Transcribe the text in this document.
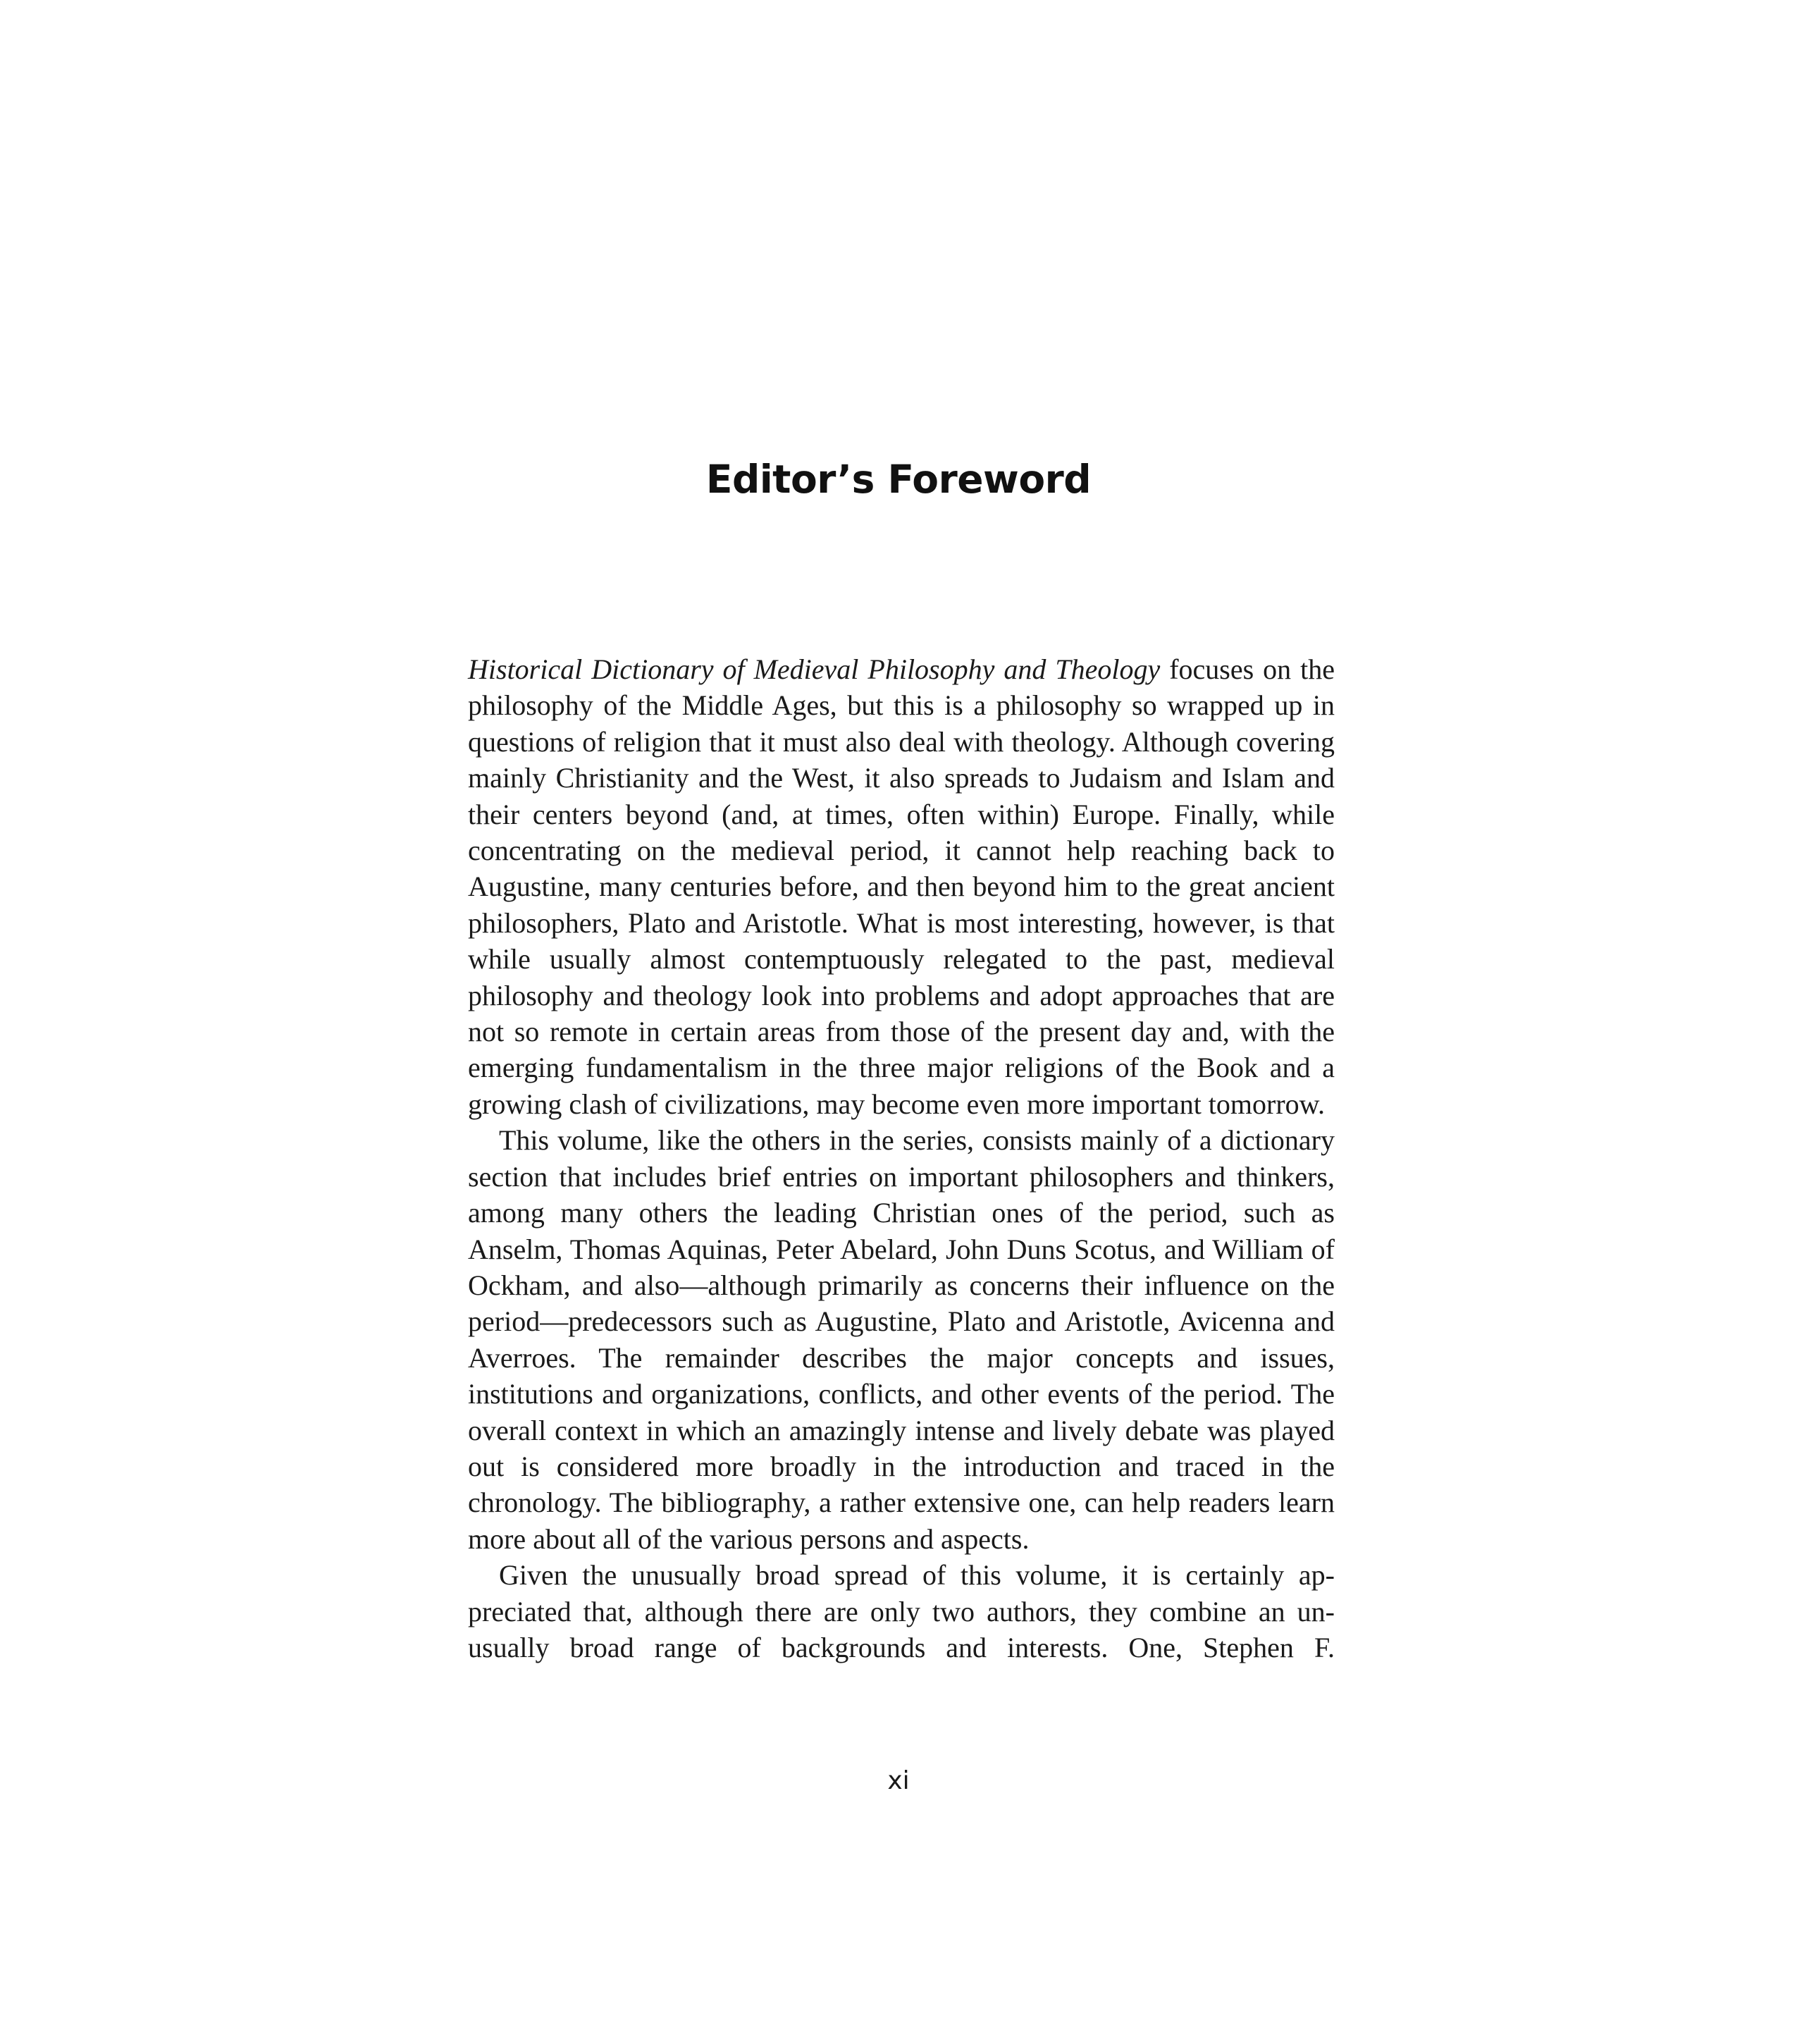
Editor’s Foreword

Historical Dictionary of Medieval Philosophy and Theology focuses on the philosophy of the Middle Ages, but this is a philosophy so wrapped up in questions of religion that it must also deal with theology. Although covering mainly Christianity and the West, it also spreads to Judaism and Islam and their centers beyond (and, at times, often within) Europe. Finally, while concentrating on the medieval period, it cannot help reaching back to Augustine, many centuries before, and then beyond him to the great ancient philosophers, Plato and Aristotle. What is most interesting, however, is that while usually almost contemptuously relegated to the past, medieval philosophy and theology look into problems and adopt approaches that are not so remote in certain areas from those of the present day and, with the emerging fundamentalism in the three major religions of the Book and a growing clash of civilizations, may become even more important tomorrow.

This volume, like the others in the series, consists mainly of a dictionary section that includes brief entries on important philosophers and thinkers, among many others the leading Christian ones of the period, such as Anselm, Thomas Aquinas, Peter Abelard, John Duns Scotus, and William of Ockham, and also—although primarily as concerns their influence on the period—predecessors such as Augustine, Plato and Aristotle, Avicenna and Averroes. The remainder describes the major concepts and issues, institutions and organizations, conflicts, and other events of the period. The overall context in which an amazingly intense and lively debate was played out is considered more broadly in the introduction and traced in the chronology. The bibliography, a rather extensive one, can help readers learn more about all of the various persons and aspects.

Given the unusually broad spread of this volume, it is certainly appreciated that, although there are only two authors, they combine an unusually broad range of backgrounds and interests. One, Stephen F.

xi
